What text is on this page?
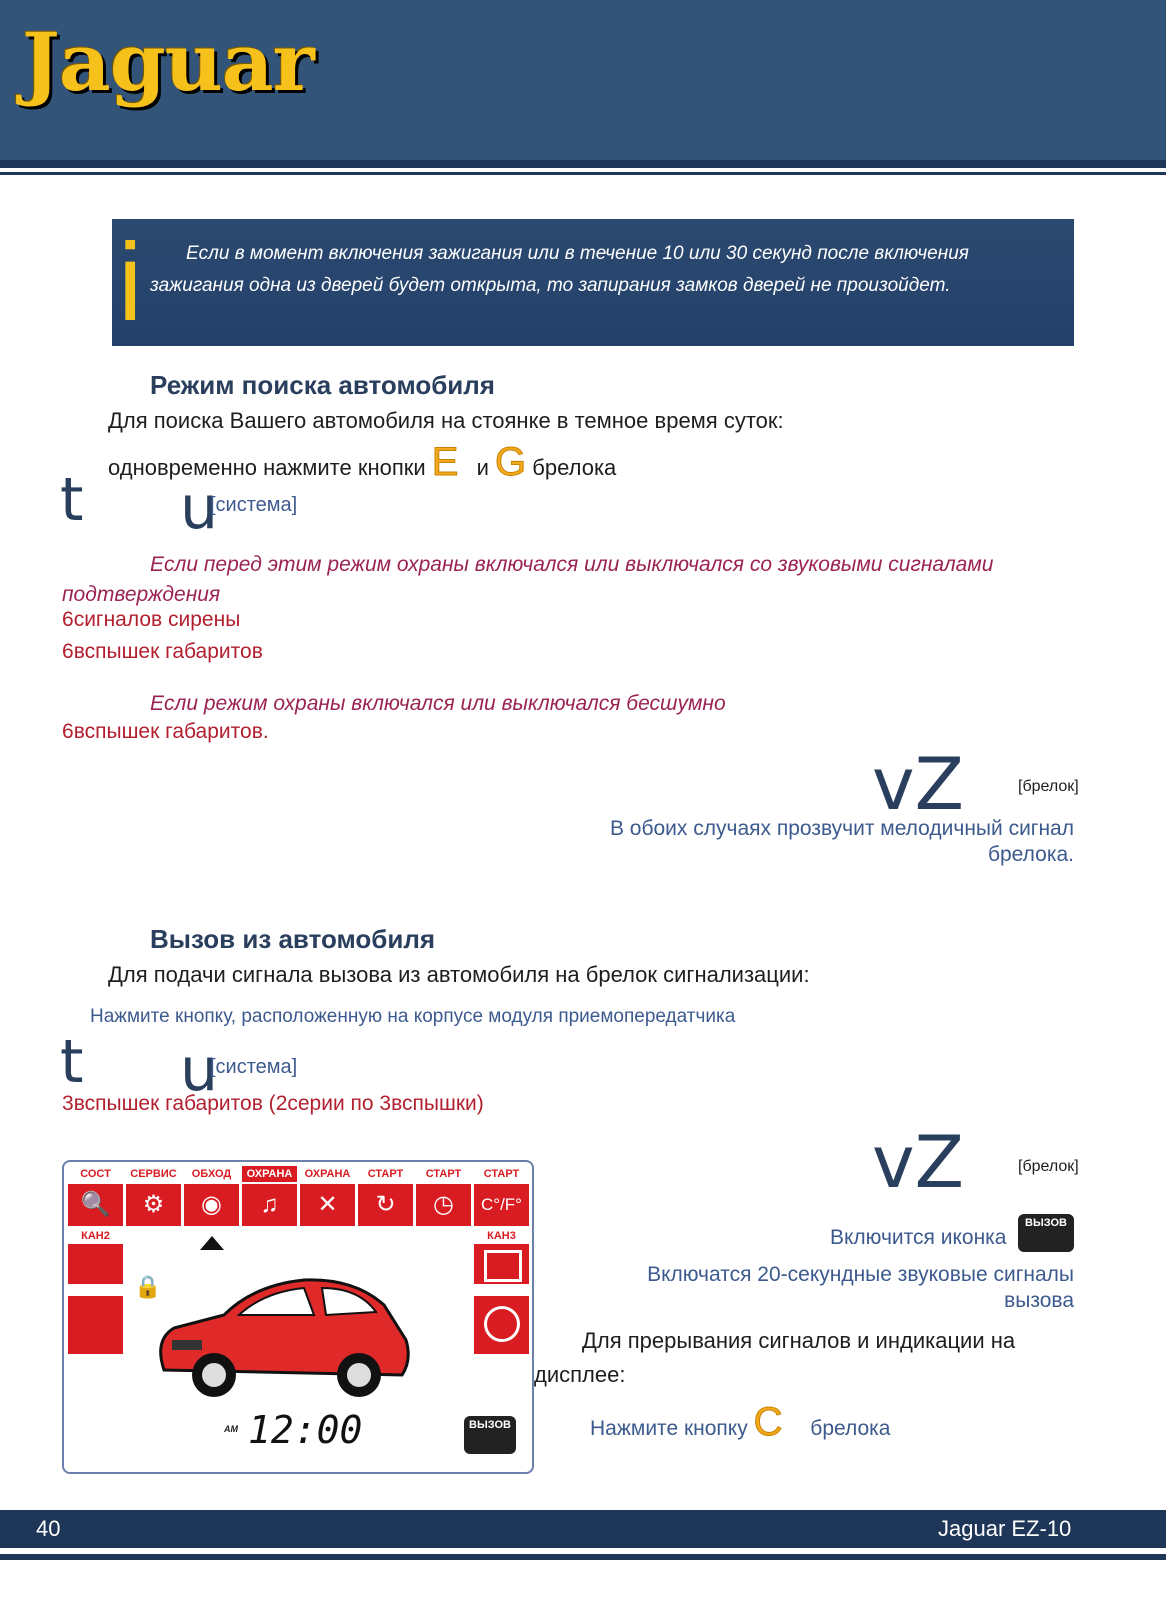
Jaguar
i	Если в момент включения зажигания или в течение 10 или 30 секунд после включения зажигания одна из дверей будет открыта, то запирания замков дверей не произойдет.
Режим поиска автомобиля
Для поиска Вашего автомобиля на стоянке в темное время суток:
одновременно нажмите кнопки E и G брелока
t u
[система]
Если перед этим режим охраны включался или выключался со звуковыми сигналами подтверждения
6сигналов сирены
6вспышек габаритов
Если режим охраны включался или выключался бесшумно
6вспышек габаритов.
vZ	[брелок]
В обоих случаях прозвучит мелодичный сигнал брелока.
Вызов из автомобиля
Для подачи сигнала вызова из автомобиля на брелок сигнализации:
Нажмите кнопку, расположенную на корпусе модуля приемопередатчика
t u
[система]
3вспышек габаритов (2серии по 3вспышки)
СОСТ	СЕРВИС	ОБХОД	ОХРАНА	ОХРАНА	СТАРТ	СТАРТ	СТАРТ
🔍	⚙	◉	♫	✕	↻	◷	C°/F°
КАН2	КАН3
🔒
AM 12:00	ВЫЗОВ
vZ	[брелок]
Включится иконка
ВЫЗОВ
Включатся 20-секундные звуковые сигналы вызова
Для прерывания сигналов и индикации на дисплее:
Нажмите кнопку C брелока
40	Jaguar EZ-10
